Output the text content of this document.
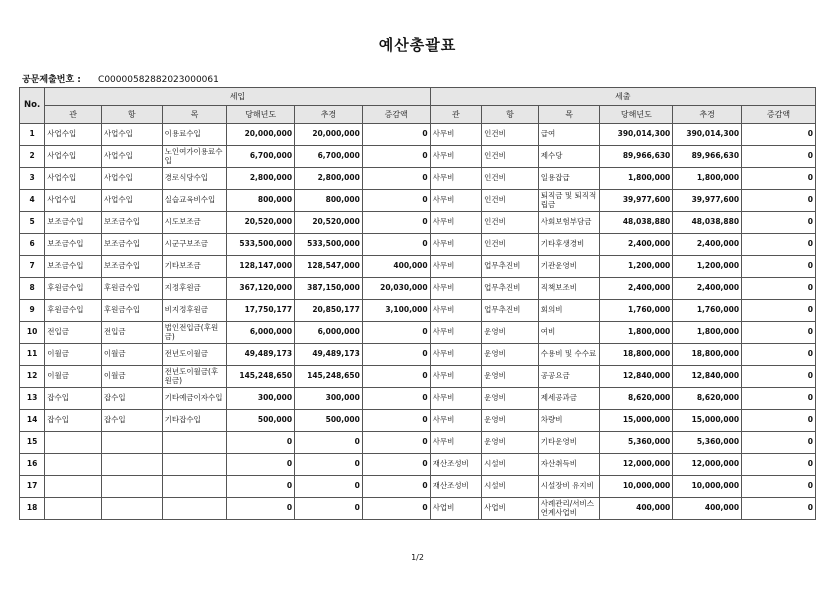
예산총괄표
공문제출번호 : C00000582882023000061
No.	세입						세출					
	관	항	목	당해년도	추경	증감액	관	항	목	당해년도	추경	증감액
1	사업수입	사업수입	이용료수입	20,000,000	20,000,000	0	사무비	인건비	급여	390,014,300	390,014,300	0
2	사업수입	사업수입	노인여가이용료수입	6,700,000	6,700,000	0	사무비	인건비	제수당	89,966,630	89,966,630	0
3	사업수입	사업수입	경로식당수입	2,800,000	2,800,000	0	사무비	인건비	일용잡급	1,800,000	1,800,000	0
4	사업수입	사업수입	실습교육비수입	800,000	800,000	0	사무비	인건비	퇴직금 및 퇴직적립금	39,977,600	39,977,600	0
5	보조금수입	보조금수입	시도보조금	20,520,000	20,520,000	0	사무비	인건비	사회보험부담금	48,038,880	48,038,880	0
6	보조금수입	보조금수입	시군구보조금	533,500,000	533,500,000	0	사무비	인건비	기타후생경비	2,400,000	2,400,000	0
7	보조금수입	보조금수입	기타보조금	128,147,000	128,547,000	400,000	사무비	업무추진비	기관운영비	1,200,000	1,200,000	0
8	후원금수입	후원금수입	지정후원금	367,120,000	387,150,000	20,030,000	사무비	업무추진비	직책보조비	2,400,000	2,400,000	0
9	후원금수입	후원금수입	비지정후원금	17,750,177	20,850,177	3,100,000	사무비	업무추진비	회의비	1,760,000	1,760,000	0
10	전입금	전입금	법인전입금(후원금)	6,000,000	6,000,000	0	사무비	운영비	여비	1,800,000	1,800,000	0
11	이월금	이월금	전년도이월금	49,489,173	49,489,173	0	사무비	운영비	수용비 및 수수료	18,800,000	18,800,000	0
12	이월금	이월금	전년도이월금(후원금)	145,248,650	145,248,650	0	사무비	운영비	공공요금	12,840,000	12,840,000	0
13	잡수입	잡수입	기타예금이자수입	300,000	300,000	0	사무비	운영비	제세공과금	8,620,000	8,620,000	0
14	잡수입	잡수입	기타잡수입	500,000	500,000	0	사무비	운영비	차량비	15,000,000	15,000,000	0
15				0	0	0	사무비	운영비	기타운영비	5,360,000	5,360,000	0
16				0	0	0	재산조성비	시설비	자산취득비	12,000,000	12,000,000	0
17				0	0	0	재산조성비	시설비	시설장비 유지비	10,000,000	10,000,000	0
18				0	0	0	사업비	사업비	사례관리/서비스연계사업비	400,000	400,000	0
1/2
